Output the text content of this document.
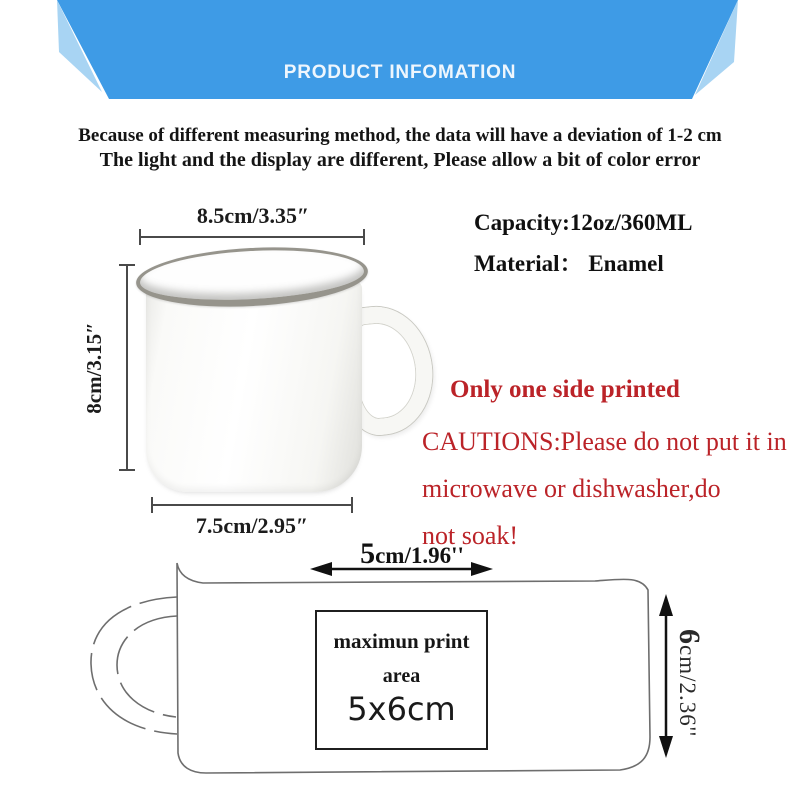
PRODUCT INFOMATION
Because of different measuring method, the data will have a deviation of 1-2 cm
The light and the display are different, Please allow a bit of color error
8.5cm/3.35″
8cm/3.15″
7.5cm/2.95″
Capacity:12oz/360ML
Material： Enamel
Only one side printed
CAUTIONS:Please do not put it in
microwave or dishwasher,do
not soak!
5cm/1.96''
6cm/2.36''
maximun print
area
5x6cm
